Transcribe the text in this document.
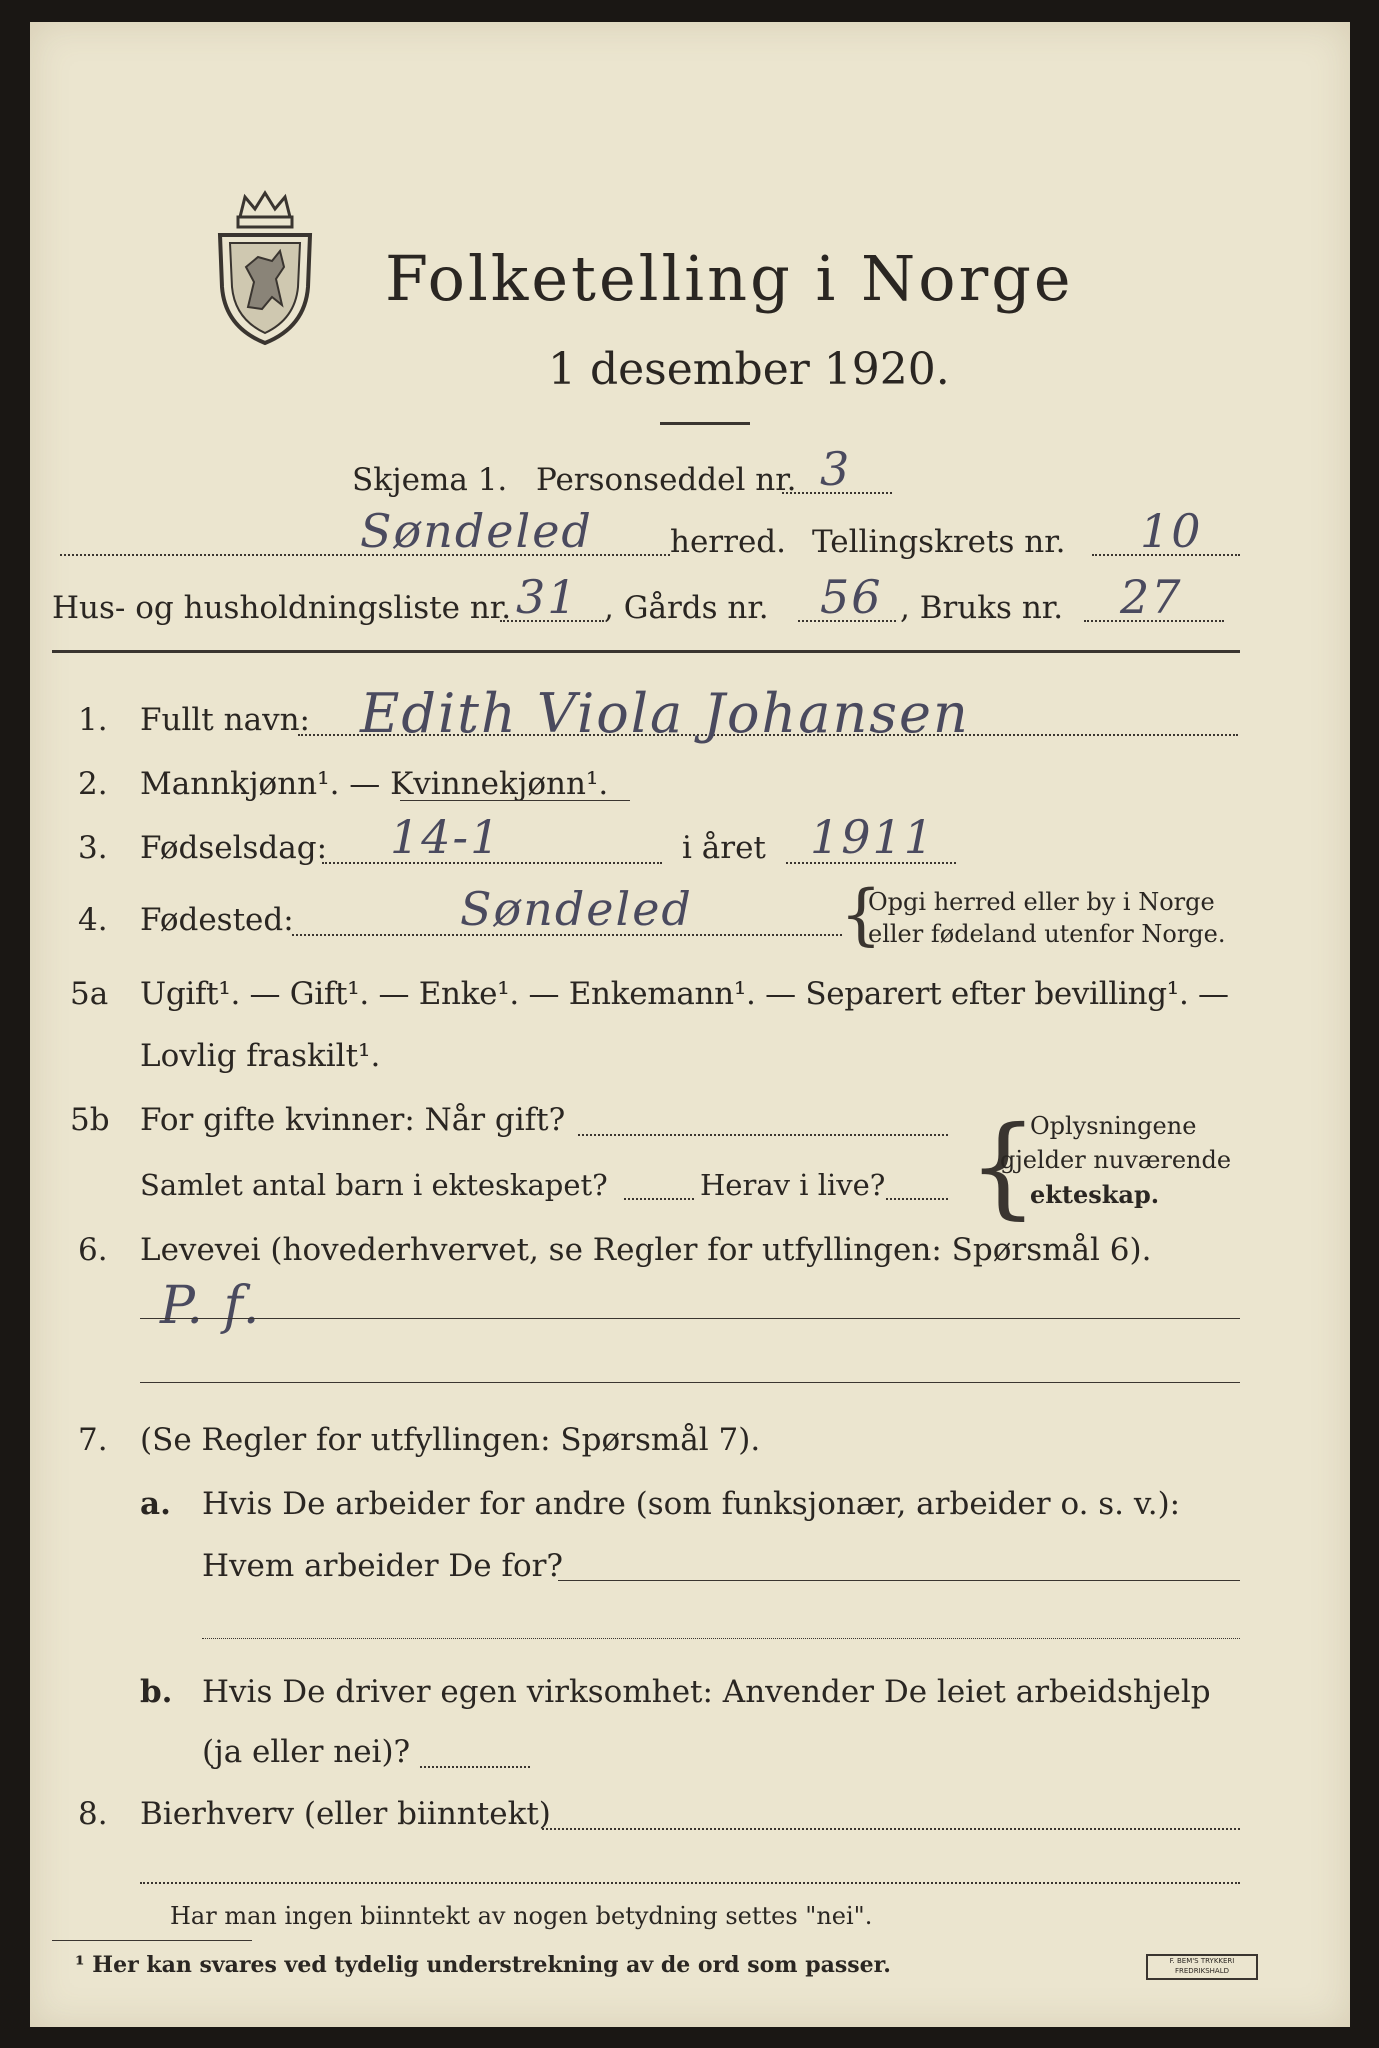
Folketelling i Norge
1 desember 1920.
Skjema 1. Personseddel nr. 3
Søndeled herred. Tellingskrets nr. 10
Hus- og husholdningsliste nr. 31 , Gårds nr. 56 , Bruks nr. 27
1. Fullt navn: Edith Viola Johansen
2. Mannkjønn¹. — Kvinnekjønn¹.
3. Fødselsdag: 14-1	i året 1911
4. Fødested:	Søndeled {
Opgi herred eller by i Norge
eller fødeland utenfor Norge.
5a Ugift¹. — Gift¹. — Enke¹. — Enkemann¹. — Separert efter bevilling¹. —
Lovlig fraskilt¹.
5b For gifte kvinner: Når gift?
Samlet antal barn i ekteskapet?	Herav i live? {
Oplysningene
gjelder nuværende
ekteskap.
6. Levevei (hovederhvervet, se Regler for utfyllingen: Spørsmål 6).
P. f.
7. (Se Regler for utfyllingen: Spørsmål 7).
a. Hvis De arbeider for andre (som funksjonær, arbeider o. s. v.):
Hvem arbeider De for?
b. Hvis De driver egen virksomhet: Anvender De leiet arbeidshjelp
(ja eller nei)?
8. Bierhverv (eller biinntekt)
Har man ingen biinntekt av nogen betydning settes "nei".
¹ Her kan svares ved tydelig understrekning av de ord som passer.	F. BEM'S TRYKKERI FREDRIKSHALD
